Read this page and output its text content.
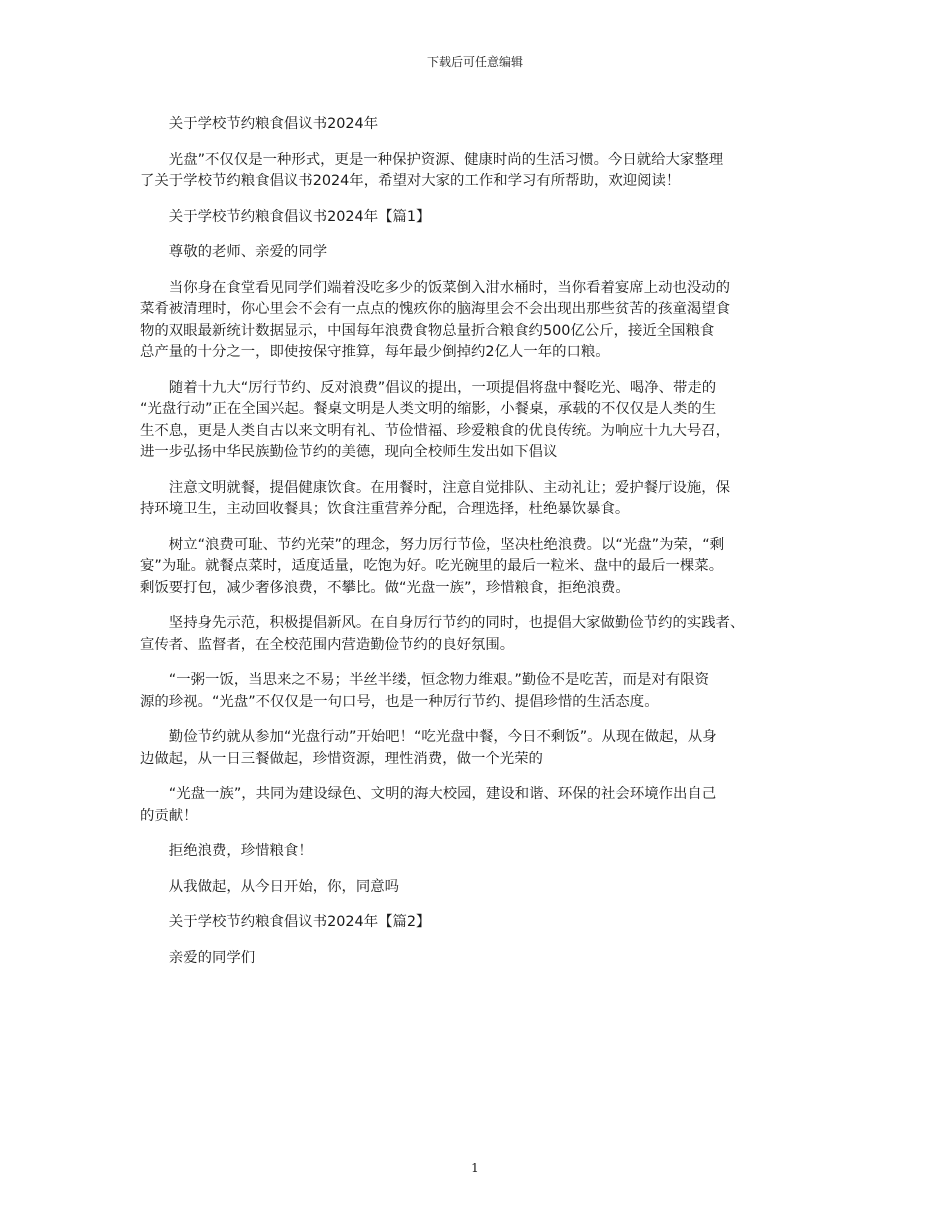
下载后可任意编辑

关于学校节约粮食倡议书2024年

光盘”不仅仅是一种形式，更是一种保护资源、健康时尚的生活习惯。今日就给大家整理
了关于学校节约粮食倡议书2024年，希望对大家的工作和学习有所帮助，欢迎阅读！

关于学校节约粮食倡议书2024年【篇1】

尊敬的老师、亲爱的同学

当你身在食堂看见同学们端着没吃多少的饭菜倒入泔水桶时，当你看着宴席上动也没动的
菜肴被清理时，你心里会不会有一点点的愧疚你的脑海里会不会出现出那些贫苦的孩童渴望食
物的双眼最新统计数据显示，中国每年浪费食物总量折合粮食约500亿公斤，接近全国粮食
总产量的十分之一，即使按保守推算，每年最少倒掉约2亿人一年的口粮。

随着十九大“厉行节约、反对浪费”倡议的提出，一项提倡将盘中餐吃光、喝净、带走的
“光盘行动”正在全国兴起。餐桌文明是人类文明的缩影，小餐桌，承载的不仅仅是人类的生
生不息，更是人类自古以来文明有礼、节俭惜福、珍爱粮食的优良传统。为响应十九大号召，
进一步弘扬中华民族勤俭节约的美德，现向全校师生发出如下倡议

注意文明就餐，提倡健康饮食。在用餐时，注意自觉排队、主动礼让；爱护餐厅设施，保
持环境卫生，主动回收餐具；饮食注重营养分配，合理选择，杜绝暴饮暴食。

树立“浪费可耻、节约光荣”的理念，努力厉行节俭，坚决杜绝浪费。以“光盘”为荣，“剩
宴”为耻。就餐点菜时，适度适量，吃饱为好。吃光碗里的最后一粒米、盘中的最后一棵菜。
剩饭要打包，减少奢侈浪费，不攀比。做“光盘一族”，珍惜粮食，拒绝浪费。

坚持身先示范，积极提倡新风。在自身厉行节约的同时，也提倡大家做勤俭节约的实践者、
宣传者、监督者，在全校范围内营造勤俭节约的良好氛围。

“一粥一饭，当思来之不易；半丝半缕，恒念物力维艰。”勤俭不是吃苦，而是对有限资
源的珍视。“光盘”不仅仅是一句口号，也是一种厉行节约、提倡珍惜的生活态度。

勤俭节约就从参加“光盘行动”开始吧！“吃光盘中餐，今日不剩饭”。从现在做起，从身
边做起，从一日三餐做起，珍惜资源，理性消费，做一个光荣的

“光盘一族”，共同为建设绿色、文明的海大校园，建设和谐、环保的社会环境作出自己
的贡献！

拒绝浪费，珍惜粮食！

从我做起，从今日开始，你，同意吗

关于学校节约粮食倡议书2024年【篇2】

亲爱的同学们

1
